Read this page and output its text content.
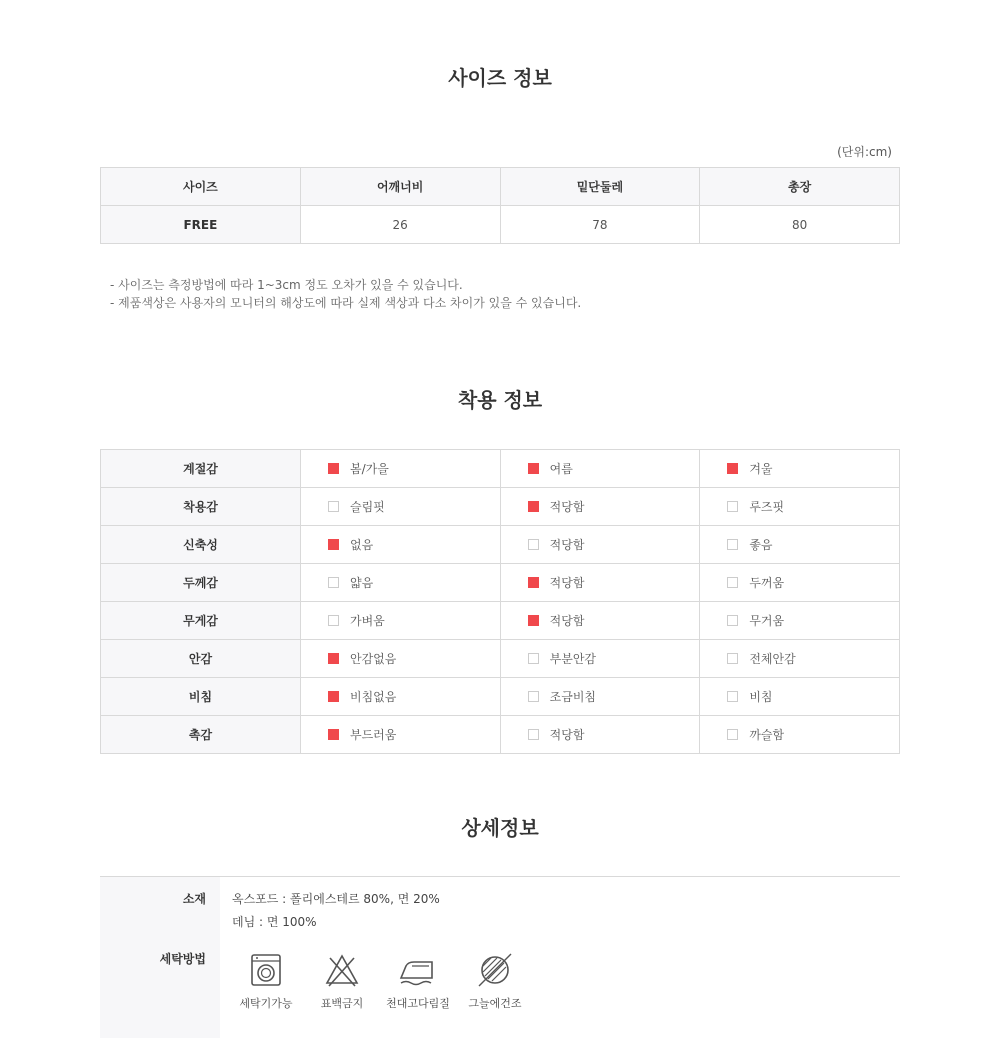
사이즈 정보
(단위:cm)
사이즈	어깨너비	밑단둘레	총장
FREE	26	78	80
- 사이즈는 측정방법에 따라 1~3cm 정도 오차가 있을 수 있습니다.
- 제품색상은 사용자의 모니터의 해상도에 따라 실제 색상과 다소 차이가 있을 수 있습니다.
착용 정보
계절감	봄/가을	여름	겨울
착용감	슬림핏	적당함	루즈핏
신축성	없음	적당함	좋음
두께감	얇음	적당함	두꺼움
무게감	가벼움	적당함	무거움
안감	안감없음	부분안감	전체안감
비침	비침없음	조금비침	비침
촉감	부드러움	적당함	까슬함
상세정보
소재 옥스포드 : 폴리에스테르 80%, 면 20%
데님 : 면 100%
세탁방법
세탁기가능	표백금지	천대고다림질	그늘에건조
